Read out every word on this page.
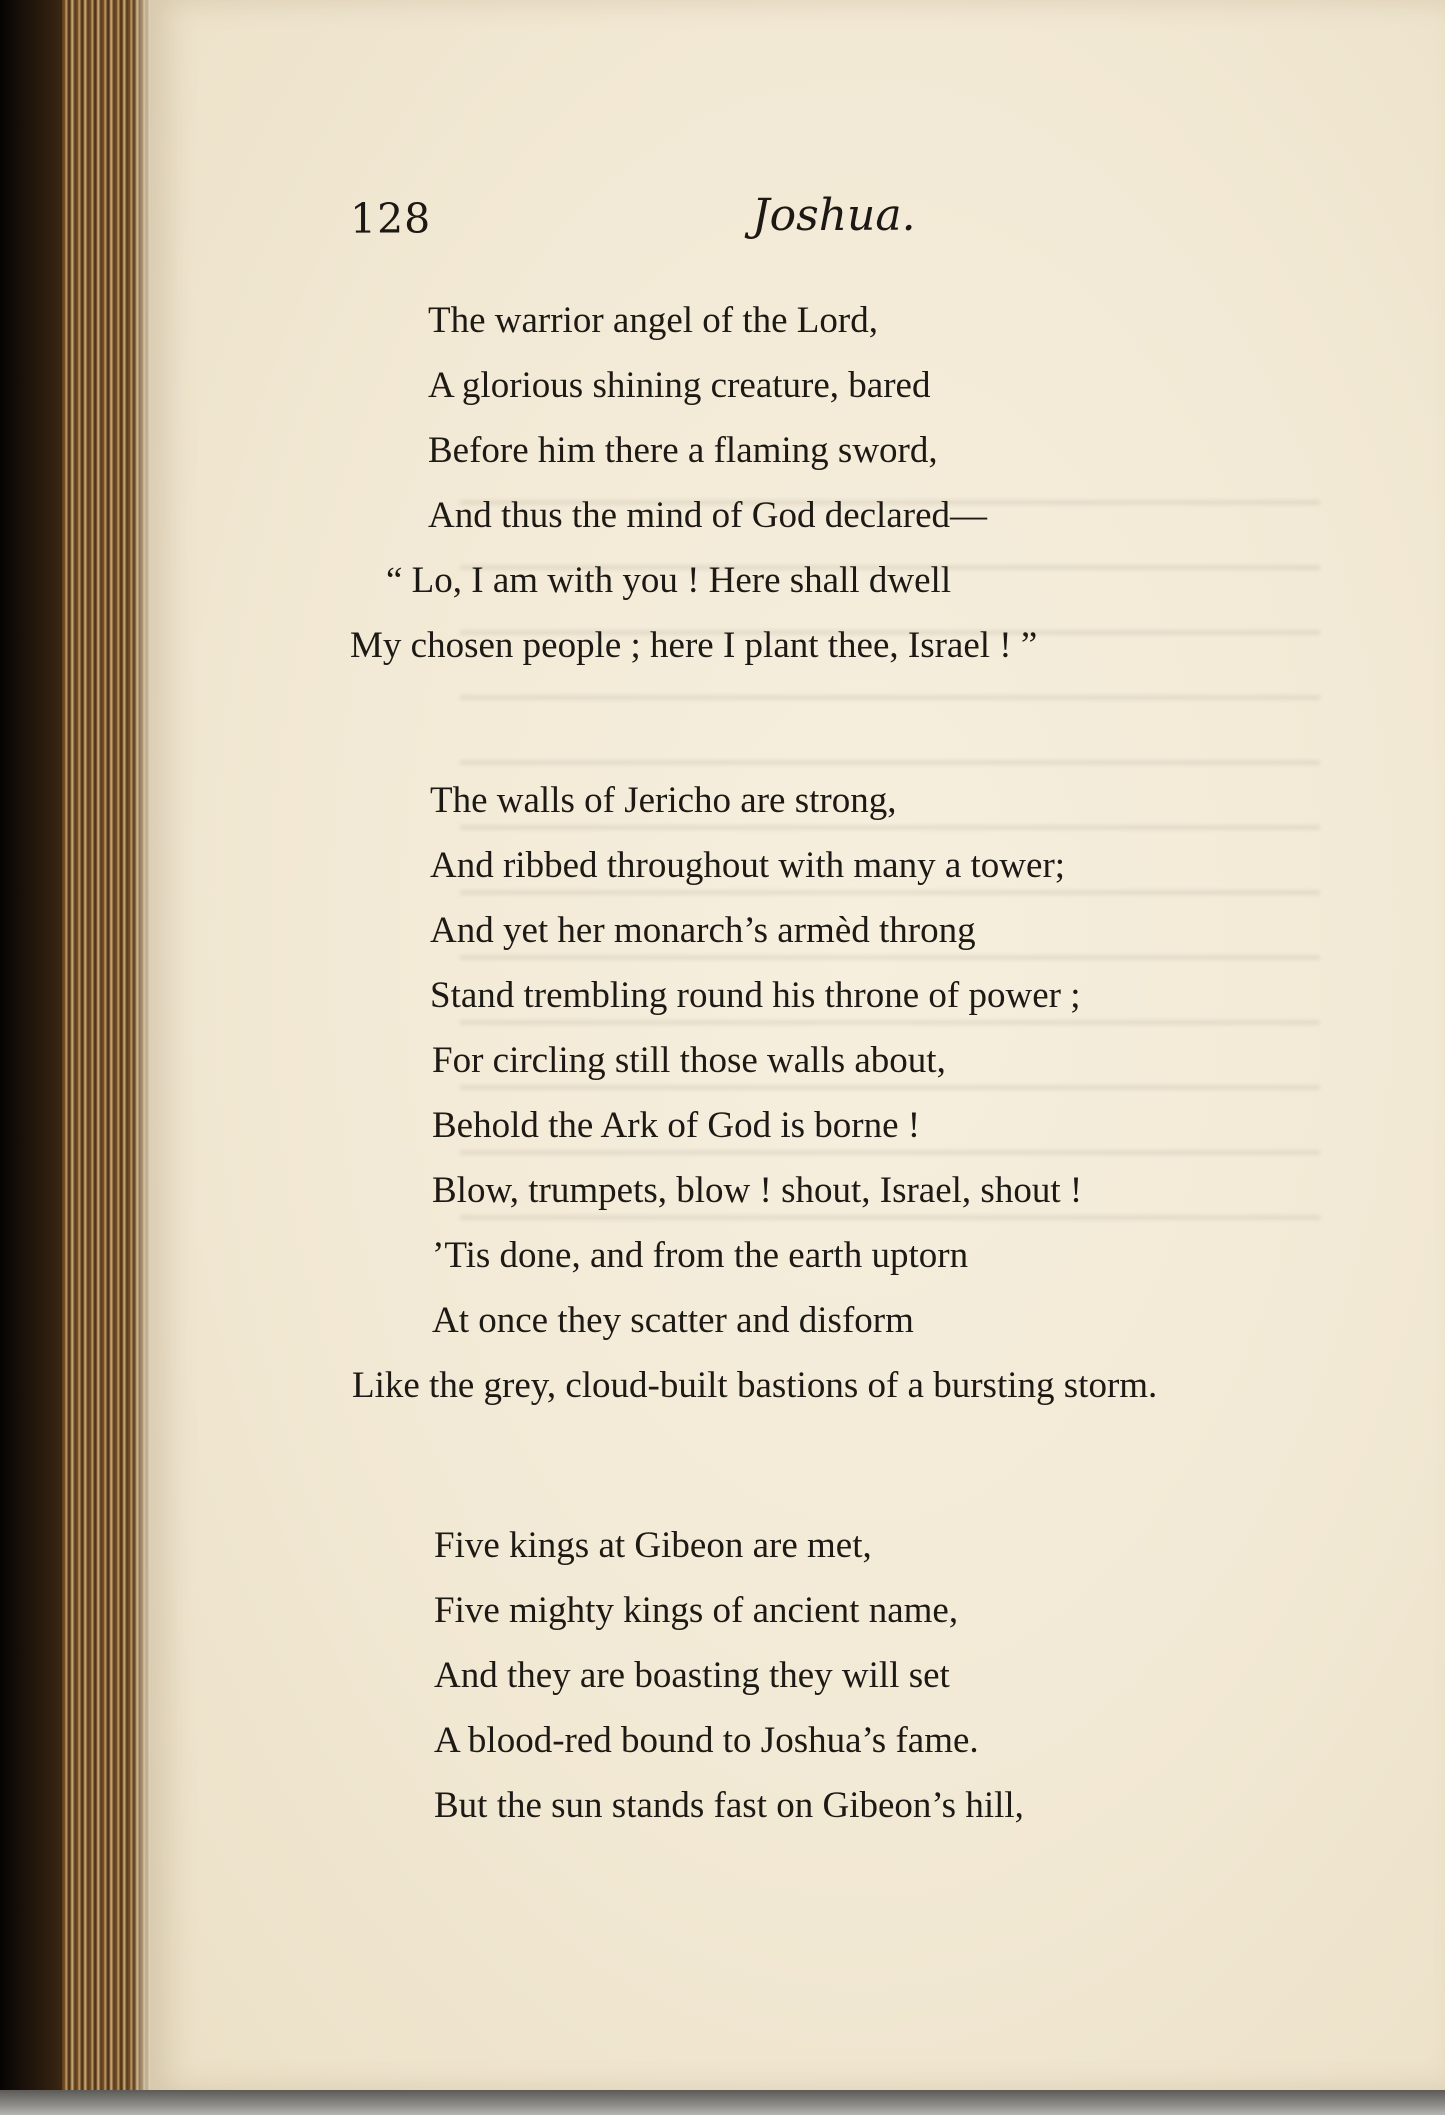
128	Joshua.
The warrior angel of the Lord,
A glorious shining creature, bared
Before him there a flaming sword,
And thus the mind of God declared—
“ Lo, I am with you ! Here shall dwell
My chosen people ; here I plant thee, Israel ! ”
The walls of Jericho are strong,
And ribbed throughout with many a tower;
And yet her monarch’s armèd throng
Stand trembling round his throne of power ;
For circling still those walls about,
Behold the Ark of God is borne !
Blow, trumpets, blow ! shout, Israel, shout !
’Tis done, and from the earth uptorn
At once they scatter and disform
Like the grey, cloud-built bastions of a bursting storm.
Five kings at Gibeon are met,
Five mighty kings of ancient name,
And they are boasting they will set
A blood-red bound to Joshua’s fame.
But the sun stands fast on Gibeon’s hill,
